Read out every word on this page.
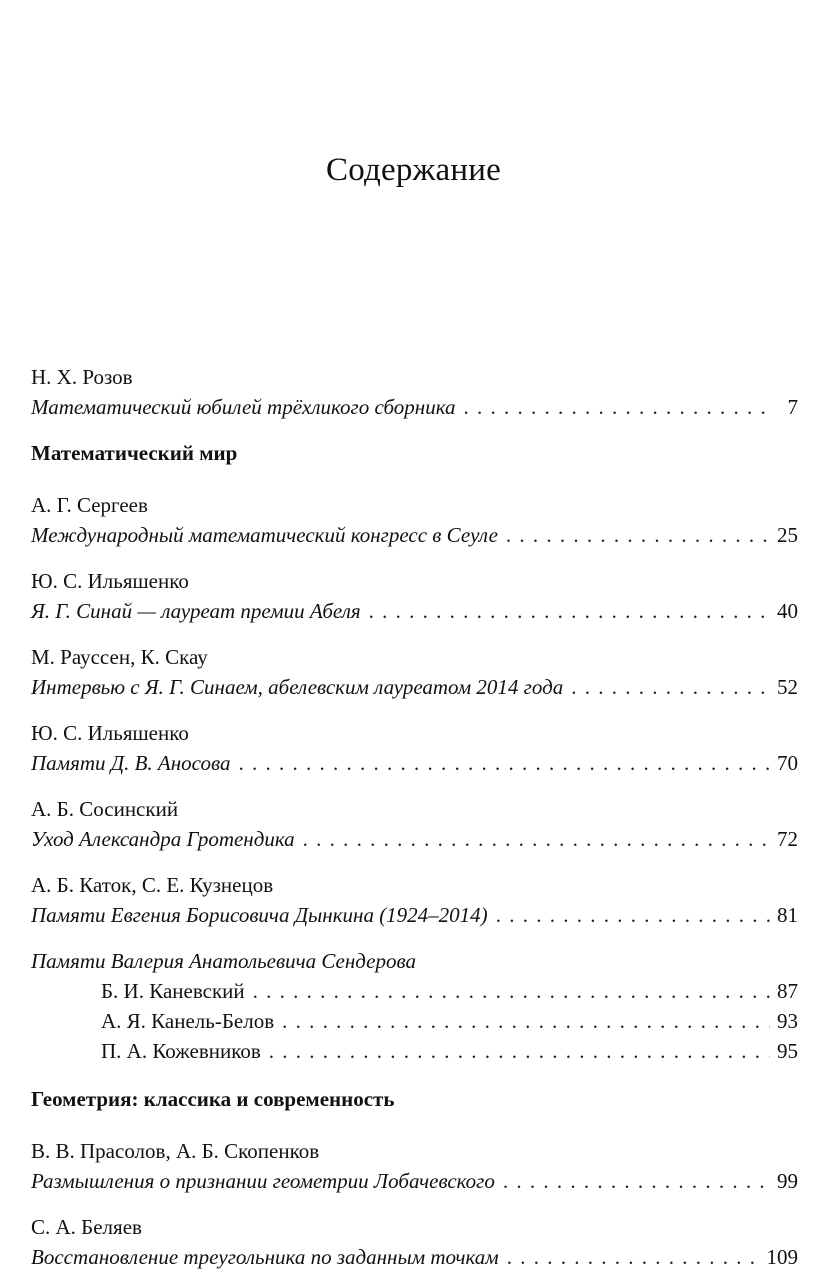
Содержание
Н. Х. Розов
Математический юбилей трёхликого сборника . . .	7
Математический мир
А. Г. Сергеев
Международный математический конгресс в Сеуле . . .	25
Ю. С. Ильяшенко
Я. Г. Синай — лауреат премии Абеля . . .	40
М. Рауссен, К. Скау
Интервью с Я. Г. Синаем, абелевским лауреатом 2014 года . . .	52
Ю. С. Ильяшенко
Памяти Д. В. Аносова . . .	70
А. Б. Сосинский
Уход Александра Гротендика . . .	72
А. Б. Каток, С. Е. Кузнецов
Памяти Евгения Борисовича Дынкина (1924–2014) . . .	81
Памяти Валерия Анатольевича Сендерова
Б. И. Каневский . . .	87
А. Я. Канель-Белов . . .	93
П. А. Кожевников . . .	95
Геометрия: классика и современность
В. В. Прасолов, А. Б. Скопенков
Размышления о признании геометрии Лобачевского . . .	99
С. А. Беляев
Восстановление треугольника по заданным точкам . . .	109
